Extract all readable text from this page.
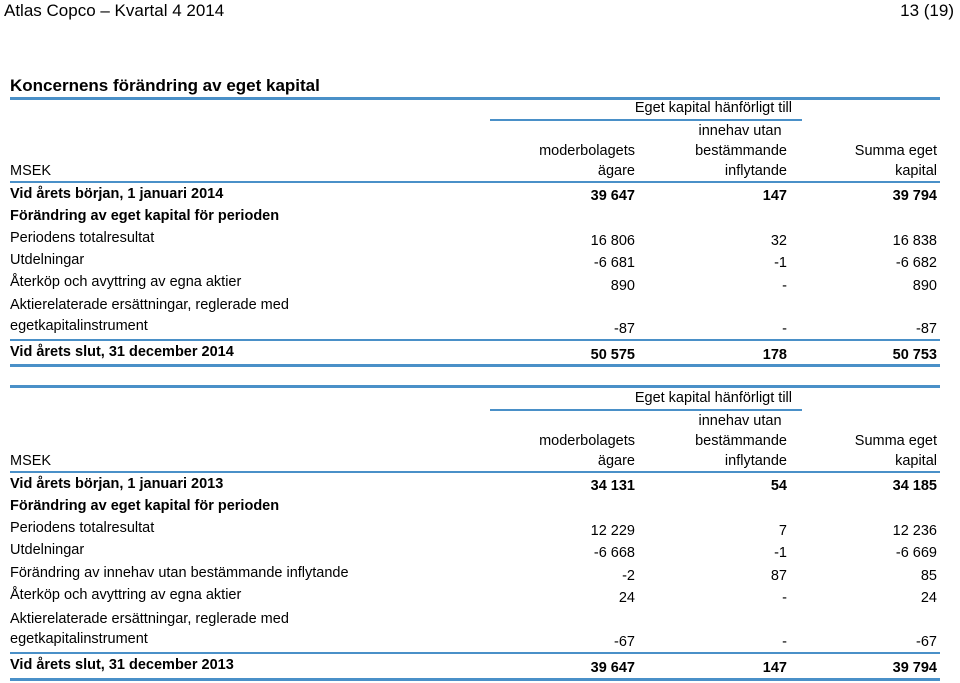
Atlas Copco – Kvartal 4 2014	13 (19)
Koncernens förändring av eget kapital
Eget kapital hänförligt till
innehav utan
moderbolagets	bestämmande	Summa eget
MSEK	ägare	inflytande	kapital
Vid årets början, 1 januari 2014	39 647	147	39 794
Förändring av eget kapital för perioden
Periodens totalresultat	16 806	32	16 838
Utdelningar	-6 681	-1	-6 682
Återköp och avyttring av egna aktier	890	-	890
Aktierelaterade ersättningar, reglerade med
egetkapitalinstrument	-87	-	-87
Vid årets slut, 31 december 2014	50 575	178	50 753
Eget kapital hänförligt till
innehav utan
moderbolagets	bestämmande	Summa eget
MSEK	ägare	inflytande	kapital
Vid årets början, 1 januari 2013	34 131	54	34 185
Förändring av eget kapital för perioden
Periodens totalresultat	12 229	7	12 236
Utdelningar	-6 668	-1	-6 669
Förändring av innehav utan bestämmande inflytande	-2	87	85
Återköp och avyttring av egna aktier	24	-	24
Aktierelaterade ersättningar, reglerade med
egetkapitalinstrument	-67	-	-67
Vid årets slut, 31 december 2013	39 647	147	39 794
